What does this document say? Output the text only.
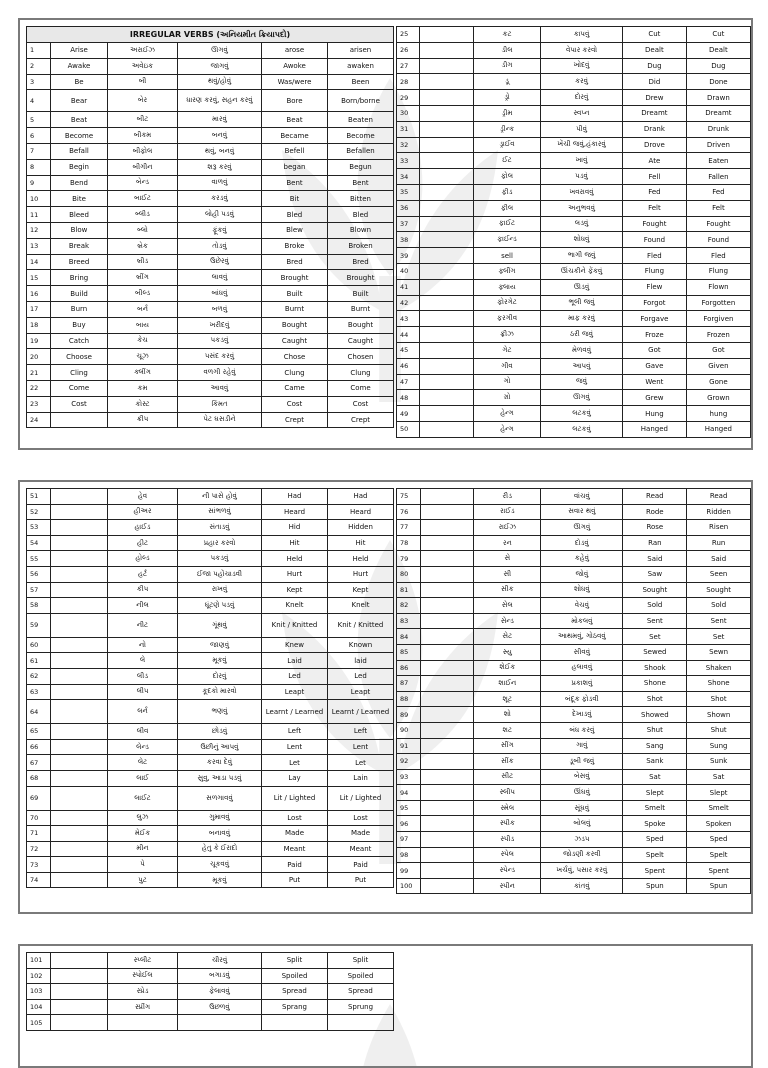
IRREGULAR VERBS (અનિયમીત ક્રિયાપદો)					
1	Arise	અરાઈઝ	ઊગવું	arose	arisen
2	Awake	અવેઇક	જાગવું	Awoke	awaken
3	Be	બી	થવું/હોવું	Was/were	Been
4	Bear	બેર	ધારણ કરવું, સહન કરવું	Bore	Born/borne
5	Beat	બીટ	મારવું	Beat	Beaten
6	Become	બીકમ	બનવું	Became	Become
7	Befall	બીફોલ	થવું, બનવું	Befell	Befallen
8	Begin	બીગીન	શરૂ કરવું	began	Begun
9	Bend	બેન્ડ	વાળવું	Bent	Bent
10	Bite	બાઈટ	કરડવું	Bit	Bitten
11	Bleed	બ્લીડ	લોહી પડવું	Bled	Bled
12	Blow	બ્લો	ફૂંકવું	Blew	Blown
13	Break	બ્રેક	તોડવું	Broke	Broken
14	Breed	બ્રીડ	ઉછેરવું	Bred	Bred
15	Bring	બ્રીંગ	લાવવું	Brought	Brought
16	Build	બીલ્ડ	બાંધવું	Built	Built
17	Burn	બર્ન	બળવું	Burnt	Burnt
18	Buy	બાય	ખરીદવું	Bought	Bought
19	Catch	કેચ	પકડવું	Caught	Caught
20	Choose	ચૂઝ	પસંદ કરવું	Chose	Chosen
21	Cling	ક્લીંગ	વળગી રહેવું	Clung	Clung
22	Come	કમ	આવવું	Came	Come
23	Cost	કોસ્ટ	કિંમત	Cost	Cost
24		ક્રીપ	પેટ ઘસડીને	Crept	Crept
25		કટ	કાપવું	Cut	Cut
26		ડીલ	વેપાર કરવો	Dealt	Dealt
27		ડીગ	ખોદવું	Dug	Dug
28		ડૂ	કરવું	Did	Done
29		ડ્રો	દોરવું	Drew	Drawn
30		ડ્રીમ	સ્વપ્ન	Dreamt	Dreamt
31		ડ્રીન્ક	પીવું	Drank	Drunk
32		ડ્રાઈવ	ખેંચી જવું,હંકારવું	Drove	Driven
33		ઈટ	ખાવું	Ate	Eaten
34		ફોલ	પડવું	Fell	Fallen
35		ફીડ	ખવરાવવું	Fed	Fed
36		ફીલ	અનુભવવું	Felt	Felt
37		ફાઈટ	લડવું	Fought	Fought
38		ફાઈન્ડ	શોધવું	Found	Found
39		sell	ભાગી જવું	Fled	Fled
40		ફ્લીંગ	ઊંચકીને ફેંકવું	Flung	Flung
41		ફ્લાય	ઊડવું	Flew	Flown
42		ફોરગેટ	ભૂલી જવું	Forgot	Forgotten
43		ફરગીવ	માફ કરવું	Forgave	Forgiven
44		ફ્રીઝ	ઠરી જવું	Froze	Frozen
45		ગેટ	મેળવવું	Got	Got
46		ગીવ	આપવું	Gave	Given
47		ગો	જવું	Went	Gone
48		ગ્રો	ઊગવું	Grew	Grown
49		હેન્ગ	લટકવું	Hung	hung
50		હેન્ગ	લટકવું	Hanged	Hanged
51		હેવ	ની પાસે હોવું	Had	Had
52		હીઅર	સાંભળવું	Heard	Heard
53		હાઈડ	સંતાડવું	Hid	Hidden
54		હીટ	પ્રહાર કરવો	Hit	Hit
55		હોલ્ડ	પકડવું	Held	Held
56		હર્ટ	ઈજા પહોંચાડવી	Hurt	Hurt
57		કીપ	રાખવું	Kept	Kept
58		નીલ	ઘૂંટણે પડવું	Knelt	Knelt
59		નીટ	ગૂંથવું	Knit / Knitted	Knit / Knitted
60		નો	જાણવું	Knew	Known
61		લે	મૂકવું	Laid	laid
62		લીડ	દોરવું	Led	Led
63		લીપ	કૂદકો મારવો	Leapt	Leapt
64		લર્ન	ભણવું	Learnt / Learned	Learnt / Learned
65		લીવ	છોડવું	Left	Left
66		લેન્ડ	ઉછીનું આપવું	Lent	Lent
67		લેટ	કરવા દેવું	Let	Let
68		લાઈ	સુવુ, આડા પડવું	Lay	Lain
69		લાઈટ	સળગાવવું	Lit / Lighted	Lit / Lighted
70		લુઝ	ગુમાવવું	Lost	Lost
71		મેઈક	બનાવવું	Made	Made
72		મીન	હેતુ કે ઈરાદો	Meant	Meant
73		પે	ચૂકવવું	Paid	Paid
74		પુટ	મૂકવું	Put	Put
75		રીડ	વાંચવું	Read	Read
76		રાઈડ	સવાર થવું	Rode	Ridden
77		રાઈઝ	ઊગવું	Rose	Risen
78		રન	દોડવું	Ran	Run
79		સે	કહેવું	Said	Said
80		સી	જોવું	Saw	Seen
81		સીક	શોધવું	Sought	Sought
82		સેલ	વેચવું	Sold	Sold
83		સેન્ડ	મોકલવું	Sent	Sent
84		સેટ	આથમવું, ગોઠવવું	Set	Set
85		સ્યુ	સીવવું	Sewed	Sewn
86		શેઈક	હલાવવું	Shook	Shaken
87		શાઈન	પ્રકાશવું	Shone	Shone
88		શૂટ	બંદૂક ફોડવી	Shot	Shot
89		શો	દેખાડવું	Showed	Shown
90		શટ	બંધ કરવું	Shut	Shut
91		સીંગ	ગાવું	Sang	Sung
92		સીંક	ડૂબી જવું	Sank	Sunk
93		સીટ	બેસવું	Sat	Sat
94		સ્લીપ	ઊંઘવું	Slept	Slept
95		સ્મેલ	સૂંઘવું	Smelt	Smelt
96		સ્પીક	બોલવું	Spoke	Spoken
97		સ્પીડ	ઝડપ	Sped	Sped
98		સ્પેલ	જોડણી કરવી	Spelt	Spelt
99		સ્પેન્ડ	ખર્ચવું, પસાર કરવું	Spent	Spent
100		સ્પીન	કાંતવું	Spun	Spun
101		સ્પ્લીટ	ચીરવું	Split	Split
102		સ્પોઈલ	બગાડવું	Spoiled	Spoiled
103		સ્પ્રેડ	ફેલાવવું	Spread	Spread
104		સ્પ્રીંગ	ઉછળવું	Sprang	Sprung
105					
